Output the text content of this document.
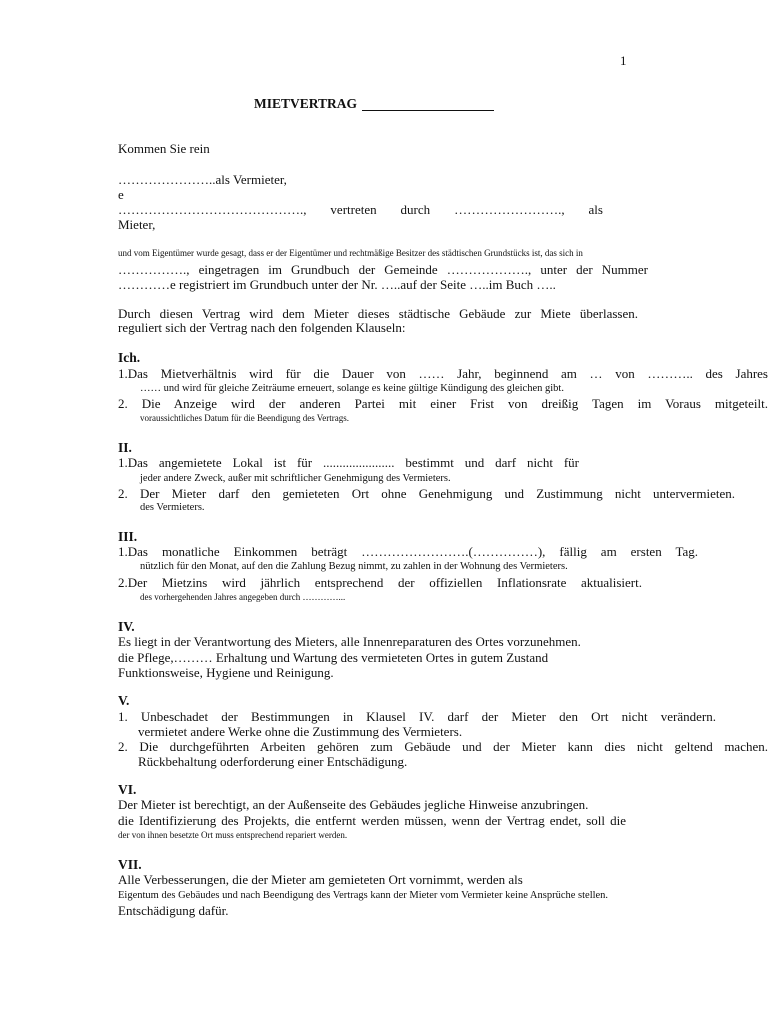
1
MIETVERTRAG
Kommen Sie rein
…………………..als Vermieter,
e
……………………………………., vertreten durch ……………………., als
Mieter,
und vom Eigentümer wurde gesagt, dass er der Eigentümer und rechtmäßige Besitzer des städtischen Grundstücks ist, das sich in
……………., eingetragen im Grundbuch der Gemeinde ………………., unter der Nummer
…………e registriert im Grundbuch unter der Nr. …..auf der Seite …..im Buch …..
Durch diesen Vertrag wird dem Mieter dieses städtische Gebäude zur Miete überlassen.
reguliert sich der Vertrag nach den folgenden Klauseln:
Ich.
1.Das Mietverhältnis wird für die Dauer von …… Jahr, beginnend am … von ……….. des Jahres
…… und wird für gleiche Zeiträume erneuert, solange es keine gültige Kündigung des gleichen gibt.
2. Die Anzeige wird der anderen Partei mit einer Frist von dreißig Tagen im Voraus mitgeteilt.
voraussichtliches Datum für die Beendigung des Vertrags.
II.
1.Das angemietete Lokal ist für ...................... bestimmt und darf nicht für
jeder andere Zweck, außer mit schriftlicher Genehmigung des Vermieters.
2. Der Mieter darf den gemieteten Ort ohne Genehmigung und Zustimmung nicht untervermieten.
des Vermieters.
III.
1.Das monatliche Einkommen beträgt …………………….(……………), fällig am ersten Tag.
nützlich für den Monat, auf den die Zahlung Bezug nimmt, zu zahlen in der Wohnung des Vermieters.
2.Der Mietzins wird jährlich entsprechend der offiziellen Inflationsrate aktualisiert.
des vorhergehenden Jahres angegeben durch …………...
IV.
Es liegt in der Verantwortung des Mieters, alle Innenreparaturen des Ortes vorzunehmen.
die Pflege,……… Erhaltung und Wartung des vermieteten Ortes in gutem Zustand
Funktionsweise, Hygiene und Reinigung.
V.
1. Unbeschadet der Bestimmungen in Klausel IV. darf der Mieter den Ort nicht verändern.
vermietet andere Werke ohne die Zustimmung des Vermieters.
2. Die durchgeführten Arbeiten gehören zum Gebäude und der Mieter kann dies nicht geltend machen.
Rückbehaltung oderforderung einer Entschädigung.
VI.
Der Mieter ist berechtigt, an der Außenseite des Gebäudes jegliche Hinweise anzubringen.
die Identifizierung des Projekts, die entfernt werden müssen, wenn der Vertrag endet, soll die
der von ihnen besetzte Ort muss entsprechend repariert werden.
VII.
Alle Verbesserungen, die der Mieter am gemieteten Ort vornimmt, werden als
Eigentum des Gebäudes und nach Beendigung des Vertrags kann der Mieter vom Vermieter keine Ansprüche stellen.
Entschädigung dafür.
